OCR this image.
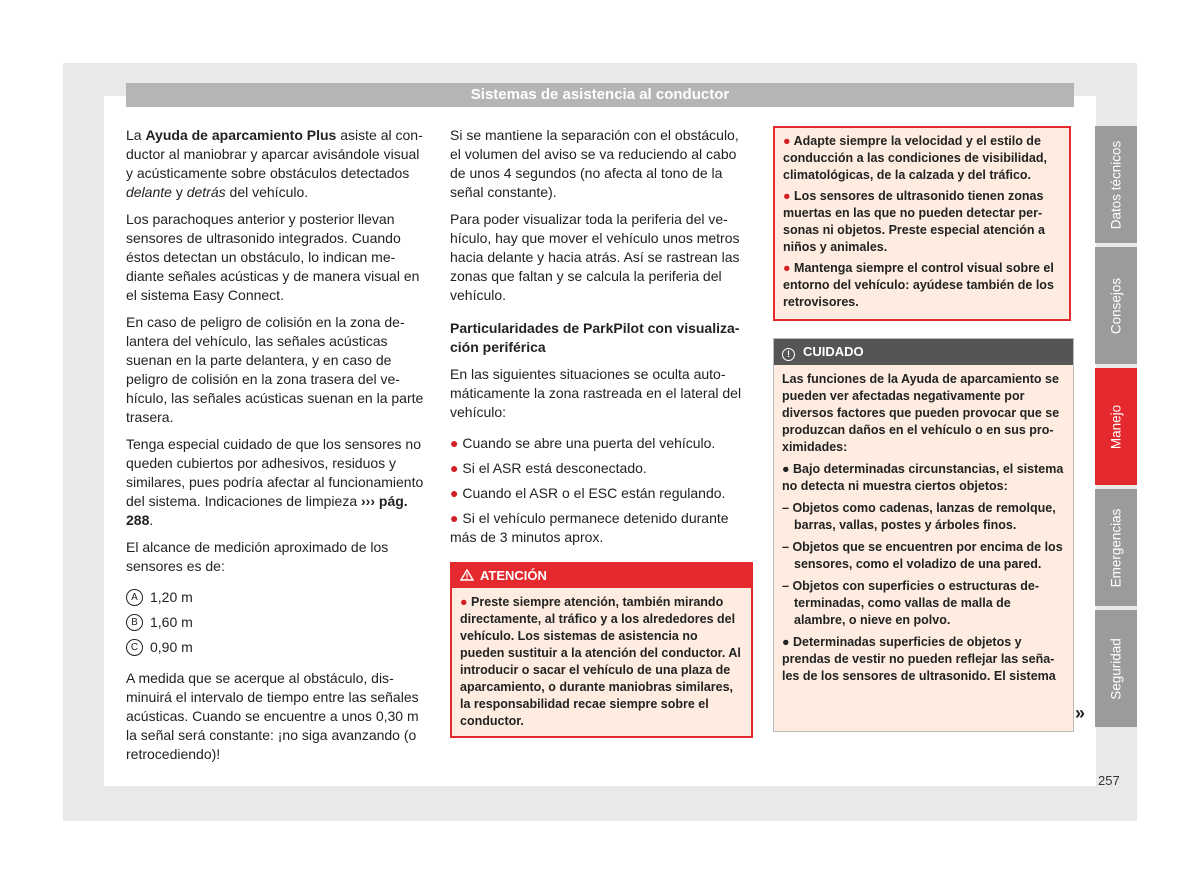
Sistemas de asistencia al conductor

La Ayuda de aparcamiento Plus asiste al conductor al maniobrar y aparcar avisándole visual y acústicamente sobre obstáculos detectados delante y detrás del vehículo.

Los parachoques anterior y posterior llevan sensores de ultrasonido integrados. Cuando éstos detectan un obstáculo, lo indican mediante señales acústicas y de manera visual en el sistema Easy Connect.

En caso de peligro de colisión en la zona delantera del vehículo, las señales acústicas suenan en la parte delantera, y en caso de peligro de colisión en la zona trasera del vehículo, las señales acústicas suenan en la parte trasera.

Tenga especial cuidado de que los sensores no queden cubiertos por adhesivos, residuos y similares, pues podría afectar al funcionamiento del sistema. Indicaciones de limpieza ››› pág. 288.

El alcance de medición aproximado de los sensores es de:

A 1,20 m
B 1,60 m
C 0,90 m

A medida que se acerque al obstáculo, disminuirá el intervalo de tiempo entre las señales acústicas. Cuando se encuentre a unos 0,30 m la señal será constante: ¡no siga avanzando (o retrocediendo)!

Si se mantiene la separación con el obstáculo, el volumen del aviso se va reduciendo al cabo de unos 4 segundos (no afecta al tono de la señal constante).

Para poder visualizar toda la periferia del vehículo, hay que mover el vehículo unos metros hacia delante y hacia atrás. Así se rastrean las zonas que faltan y se calcula la periferia del vehículo.

Particularidades de ParkPilot con visualización periférica

En las siguientes situaciones se oculta automáticamente la zona rastreada en el lateral del vehículo:

● Cuando se abre una puerta del vehículo.
● Si el ASR está desconectado.
● Cuando el ASR o el ESC están regulando.
● Si el vehículo permanece detenido durante más de 3 minutos aprox.
ATENCIÓN
● Preste siempre atención, también mirando directamente, al tráfico y a los alrededores del vehículo. Los sistemas de asistencia no pueden sustituir a la atención del conductor. Al introducir o sacar el vehículo de una plaza de aparcamiento, o durante maniobras similares, la responsabilidad recae siempre sobre el conductor.

● Adapte siempre la velocidad y el estilo de conducción a las condiciones de visibilidad, climatológicas, de la calzada y del tráfico.

● Los sensores de ultrasonido tienen zonas muertas en las que no pueden detectar personas ni objetos. Preste especial atención a niños y animales.

● Mantenga siempre el control visual sobre el entorno del vehículo: ayúdese también de los retrovisores.

! CUIDADO

Las funciones de la Ayuda de aparcamiento se pueden ver afectadas negativamente por diversos factores que pueden provocar que se produzcan daños en el vehículo o en sus proximidades:

● Bajo determinadas circunstancias, el sistema no detecta ni muestra ciertos objetos:

– Objetos como cadenas, lanzas de remolque, barras, vallas, postes y árboles finos.

– Objetos que se encuentren por encima de los sensores, como el voladizo de una pared.

– Objetos con superficies o estructuras determinadas, como vallas de malla de alambre, o nieve en polvo.

● Determinadas superficies de objetos y prendas de vestir no pueden reflejar las señales de los sensores de ultrasonido. El sistema

»
Datos técnicos
Consejos
Manejo
Emergencias
Seguridad
257
